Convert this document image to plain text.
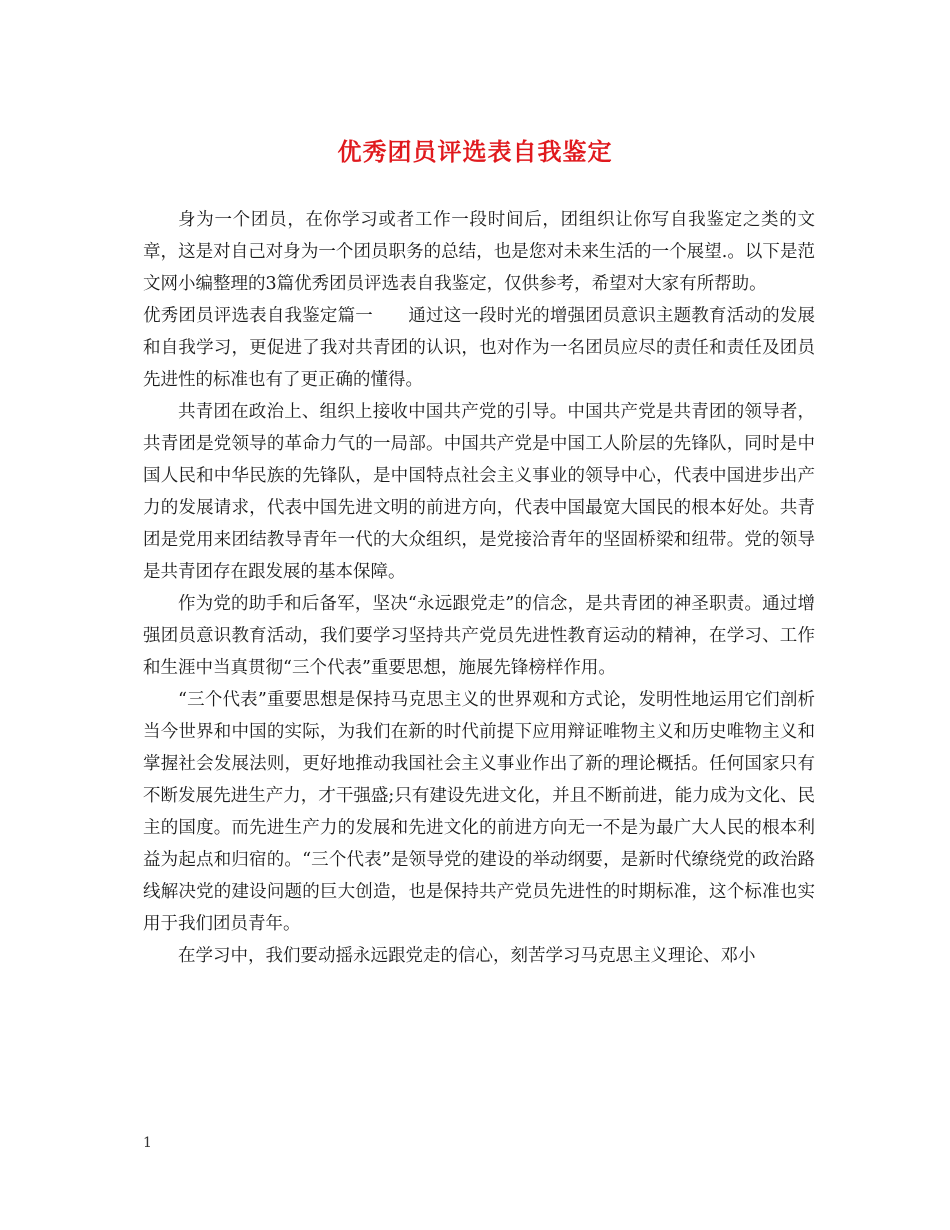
优秀团员评选表自我鉴定

身为一个团员，在你学习或者工作一段时间后，团组织让你写自我鉴定之类的文章，这是对自己对身为一个团员职务的总结，也是您对未来生活的一个展望.。以下是范文网小编整理的3篇优秀团员评选表自我鉴定，仅供参考，希望对大家有所帮助。

优秀团员评选表自我鉴定篇一　　通过这一段时光的增强团员意识主题教育活动的发展和自我学习，更促进了我对共青团的认识，也对作为一名团员应尽的责任和责任及团员先进性的标准也有了更正确的懂得。

共青团在政治上、组织上接收中国共产党的引导。中国共产党是共青团的领导者，共青团是党领导的革命力气的一局部。中国共产党是中国工人阶层的先锋队，同时是中国人民和中华民族的先锋队，是中国特点社会主义事业的领导中心，代表中国进步出产力的发展请求，代表中国先进文明的前进方向，代表中国最宽大国民的根本好处。共青团是党用来团结教导青年一代的大众组织，是党接洽青年的坚固桥梁和纽带。党的领导是共青团存在跟发展的基本保障。

作为党的助手和后备军，坚决“永远跟党走”的信念，是共青团的神圣职责。通过增强团员意识教育活动，我们要学习坚持共产党员先进性教育运动的精神，在学习、工作和生涯中当真贯彻“三个代表”重要思想，施展先锋榜样作用。

“三个代表”重要思想是保持马克思主义的世界观和方式论，发明性地运用它们剖析当今世界和中国的实际，为我们在新的时代前提下应用辩证唯物主义和历史唯物主义和掌握社会发展法则，更好地推动我国社会主义事业作出了新的理论概括。任何国家只有不断发展先进生产力，才干强盛;只有建设先进文化，并且不断前进，能力成为文化、民主的国度。而先进生产力的发展和先进文化的前进方向无一不是为最广大人民的根本利益为起点和归宿的。“三个代表”是领导党的建设的举动纲要，是新时代缭绕党的政治路线解决党的建设问题的巨大创造，也是保持共产党员先进性的时期标准，这个标准也实用于我们团员青年。

在学习中，我们要动摇永远跟党走的信心，刻苦学习马克思主义理论、邓小

1
